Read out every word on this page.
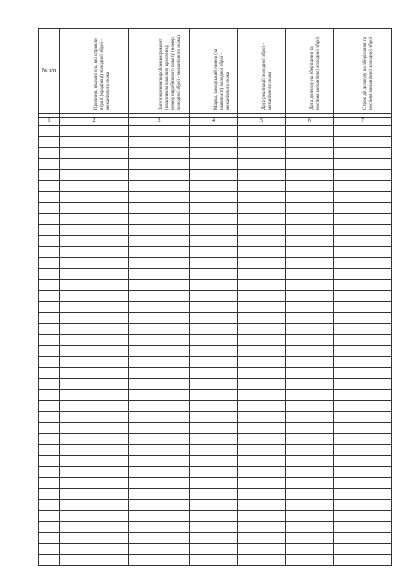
№ з/п	Причини, вказані в/а, які сприяли втраті (крадіжці) холодної зброї - механічного ножа	Заготовлення/вироблення/ремонт (власником власних креслень), номер виробничого пакету (номер холодної зброї - механічного ножа)	Марка, заводський номер (за наявності) холодної зброї - механічного ножа	Дата реалізації холодної зброї - механічного ножа	Дата дозволу на зберігання та носіння механічної холодної зброї	Строк дії дозволу на зберігання та носіння механічної холодної зброї

1	2	3	4	5	6	7
